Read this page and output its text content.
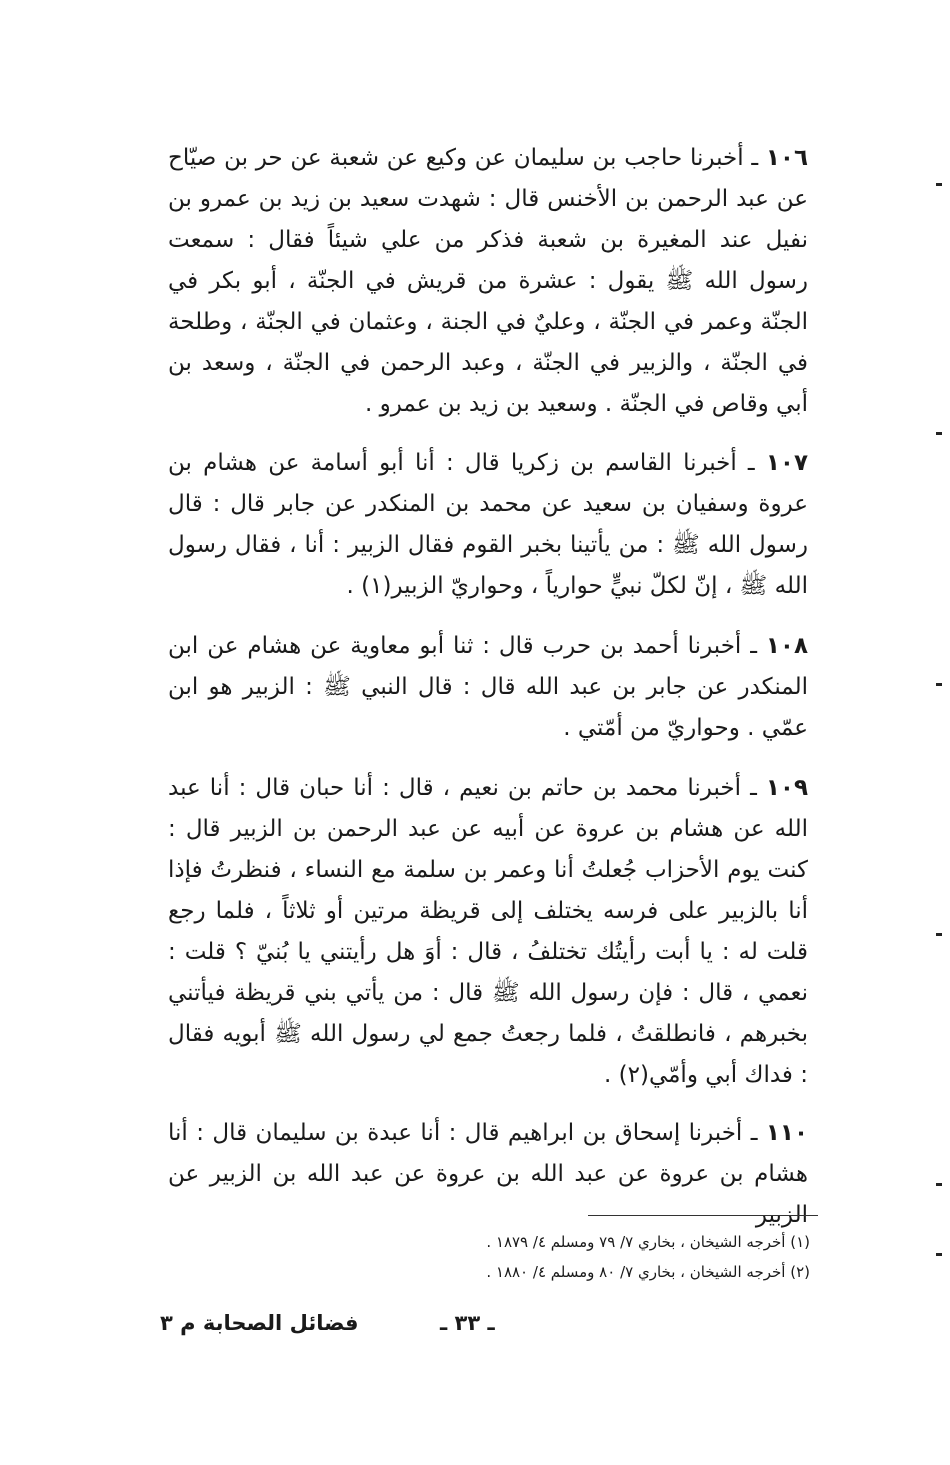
١٠٦ ـ أخبرنا حاجب بن سليمان عن وكيع عن شعبة عن حر بن صيّاح عن عبد الرحمن بن الأخنس قال : شهدت سعيد بن زيد بن عمرو بن نفيل عند المغيرة بن شعبة فذكر من علي شيئاً فقال : سمعت رسول الله ﷺ يقول : عشرة من قريش في الجنّة ، أبو بكر في الجنّة وعمر في الجنّة ، وعليٌ في الجنة ، وعثمان في الجنّة ، وطلحة في الجنّة ، والزبير في الجنّة ، وعبد الرحمن في الجنّة ، وسعد بن أبي وقاص في الجنّة . وسعيد بن زيد بن عمرو .
١٠٧ ـ أخبرنا القاسم بن زكريا قال : أنا أبو أسامة عن هشام بن عروة وسفيان بن سعيد عن محمد بن المنكدر عن جابر قال : قال رسول الله ﷺ : من يأتينا بخبر القوم فقال الزبير : أنا ، فقال رسول الله ﷺ ، إنّ لكلّ نبيٍّ حوارياً ، وحواريّ الزبير(١) .
١٠٨ ـ أخبرنا أحمد بن حرب قال : ثنا أبو معاوية عن هشام عن ابن المنكدر عن جابر بن عبد الله قال : قال النبي ﷺ : الزبير هو ابن عمّي . وحواريّ من أمّتي .
١٠٩ ـ أخبرنا محمد بن حاتم بن نعيم ، قال : أنا حبان قال : أنا عبد الله عن هشام بن عروة عن أبيه عن عبد الرحمن بن الزبير قال : كنت يوم الأحزاب جُعلتُ أنا وعمر بن سلمة مع النساء ، فنظرتُ فإذا أنا بالزبير على فرسه يختلف إلى قريظة مرتين أو ثلاثاً ، فلما رجع قلت له : يا أبت رأيتُك تختلفُ ، قال : أوَ هل رأيتني يا بُنيّ ؟ قلت : نعمي ، قال : فإن رسول الله ﷺ قال : من يأتي بني قريظة فيأتني بخبرهم ، فانطلقتُ ، فلما رجعتُ جمع لي رسول الله ﷺ أبويه فقال : فداك أبي وأمّي(٢) .
١١٠ ـ أخبرنا إسحاق بن ابراهيم قال : أنا عبدة بن سليمان قال : أنا هشام بن عروة عن عبد الله بن عروة عن عبد الله بن الزبير عن الزبير
(١) أخرجه الشيخان ، بخاري ٧/ ٧٩ ومسلم ٤/ ١٨٧٩ .
(٢) أخرجه الشيخان ، بخاري ٧/ ٨٠ ومسلم ٤/ ١٨٨٠ .
ـ ٣٣ ـ
فضائل الصحابة م ٣
